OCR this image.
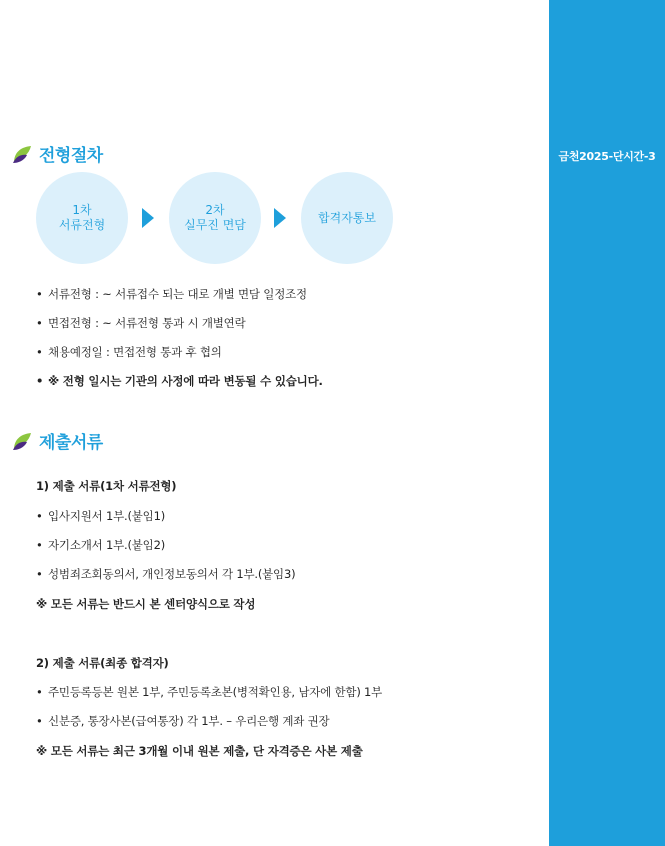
금천2025-단시간-3
전형절차
1차
서류전형
2차
실무진 면담
합격자통보
• 서류전형 : ~ 서류접수 되는 대로 개별 면담 일정조정
• 면접전형 : ~ 서류전형 통과 시 개별연락
• 채용예정일 : 면접전형 통과 후 협의
• ※ 전형 일시는 기관의 사정에 따라 변동될 수 있습니다.
제출서류
1) 제출 서류(1차 서류전형)
• 입사지원서 1부.(붙임1)
• 자기소개서 1부.(붙임2)
• 성범죄조회동의서, 개인정보동의서 각 1부.(붙임3)
※ 모든 서류는 반드시 본 센터양식으로 작성
2) 제출 서류(최종 합격자)
• 주민등록등본 원본 1부, 주민등록초본(병적확인용, 남자에 한함) 1부
• 신분증, 통장사본(급여통장) 각 1부. – 우리은행 계좌 권장
※ 모든 서류는 최근 3개월 이내 원본 제출, 단 자격증은 사본 제출
